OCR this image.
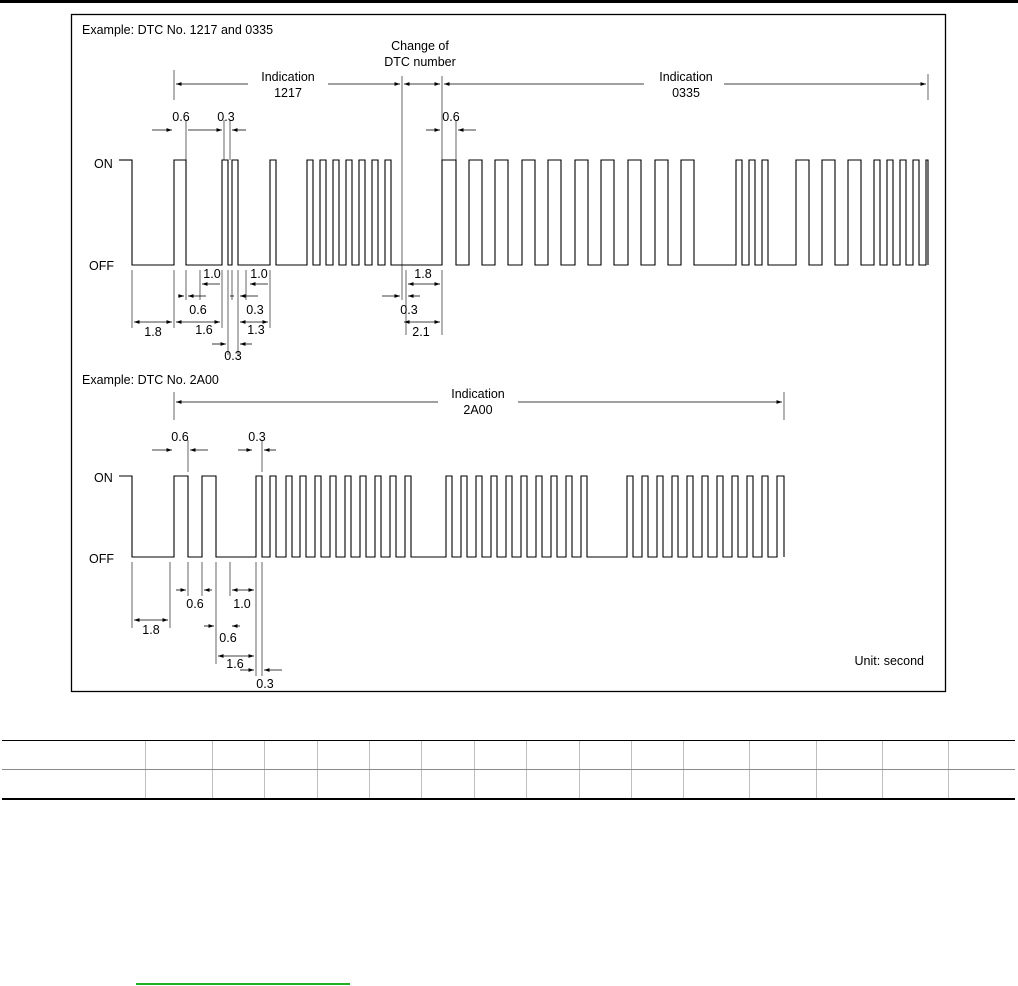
Example: DTC No. 1217 and 0335
Change of
DTC number
Indication
1217
Indication
0335
0.6 0.3	0.6
ON
OFF
1.0 1.0
0.6	0.3
1.8	1.6	1.3
0.3
1.8
0.3
2.1
Example: DTC No. 2A00
Indication
2A00
0.6	0.3
ON
OFF
0.6 1.0
1.8
0.6
1.6
0.3
Unit: second
